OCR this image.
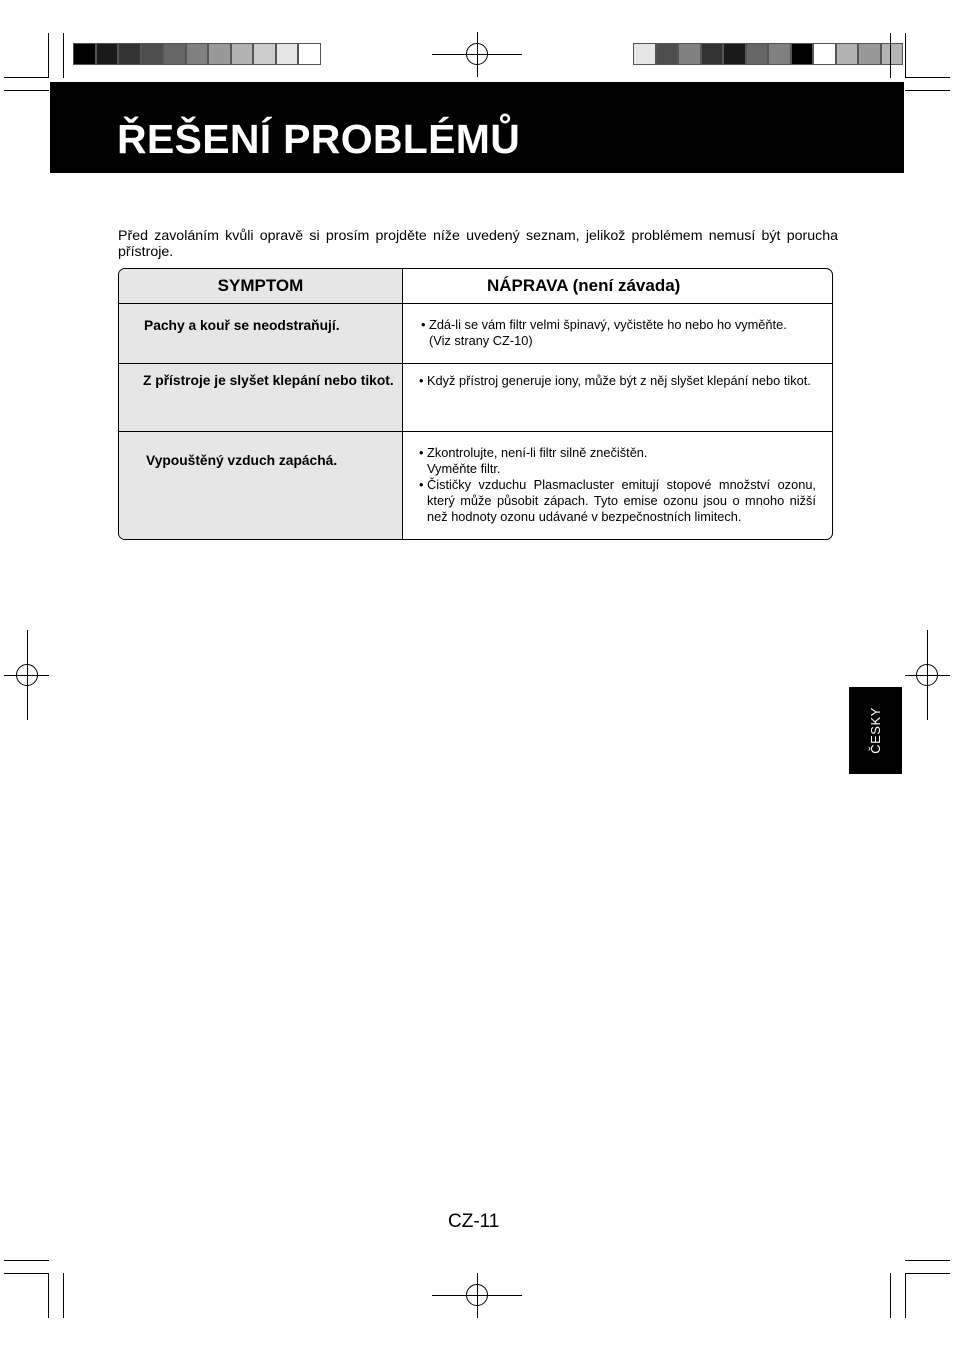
ŘEŠENÍ PROBLÉMŮ
Před zavoláním kvůli opravě si prosím projděte níže uvedený seznam, jelikož problémem nemusí být porucha přístroje.
SYMPTOM	NÁPRAVA (není závada)

Pachy a kouř se neodstraňují.	• Zdá-li se vám filtr velmi špinavý, vyčistěte ho nebo ho vyměňte.
(Viz strany CZ-10)

Z přístroje je slyšet klepání nebo tikot.	• Když přístroj generuje iony, může být z něj slyšet klepání nebo tikot.

Vypouštěný vzduch zapáchá.	• Zkontrolujte, není-li filtr silně znečištěn.
Vyměňte filtr.
• Čističky vzduchu Plasmacluster emitují stopové množství ozonu, který může působit zápach. Tyto emise ozonu jsou o mnoho nižší než hodnoty ozonu udávané v bezpečnostních limitech.
ČESKY
CZ-11
